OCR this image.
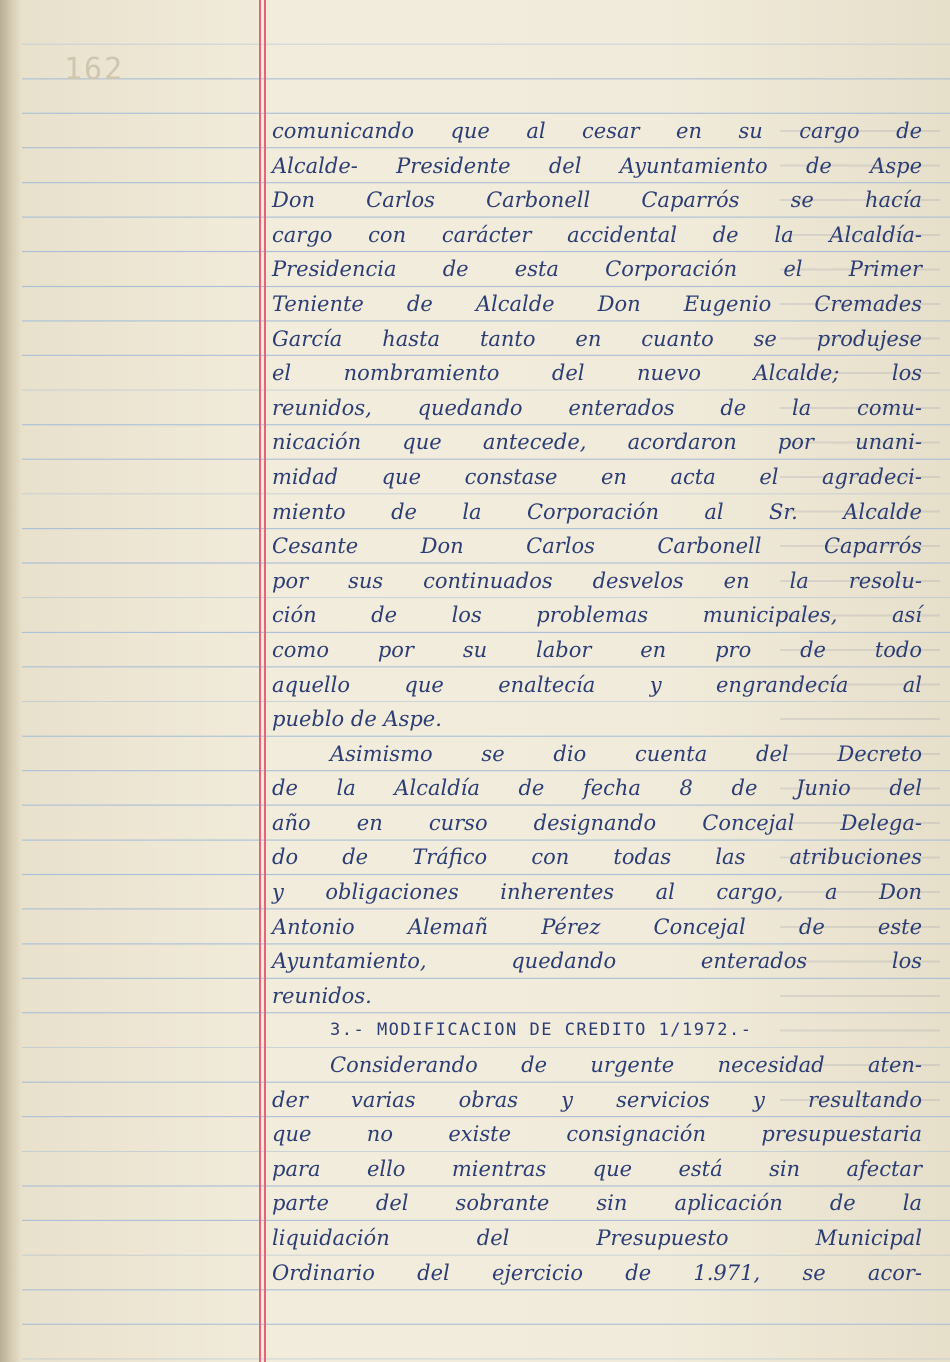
162
comunicando que al cesar en su cargo de
Alcalde- Presidente del Ayuntamiento de Aspe
Don Carlos Carbonell Caparrós se hacía
cargo con carácter accidental de la Alcaldía-
Presidencia de esta Corporación el Primer
Teniente de Alcalde Don Eugenio Cremades
García hasta tanto en cuanto se produjese
el nombramiento del nuevo Alcalde; los
reunidos, quedando enterados de la comu-
nicación que antecede, acordaron por unani-
midad que constase en acta el agradeci-
miento de la Corporación al Sr. Alcalde
Cesante Don Carlos Carbonell Caparrós
por sus continuados desvelos en la resolu-
ción de los problemas municipales, así
como por su labor en pro de todo
aquello que enaltecía y engrandecía al
pueblo de Aspe.
Asimismo se dio cuenta del Decreto
de la Alcaldía de fecha 8 de Junio del
año en curso designando Concejal Delega-
do de Tráfico con todas las atribuciones
y obligaciones inherentes al cargo, a Don
Antonio Alemañ Pérez Concejal de este
Ayuntamiento, quedando enterados los
reunidos.
3.- MODIFICACION DE CREDITO 1/1972.-
Considerando de urgente necesidad aten-
der varias obras y servicios y resultando
que no existe consignación presupuestaria
para ello mientras que está sin afectar
parte del sobrante sin aplicación de la
liquidación del Presupuesto Municipal
Ordinario del ejercicio de 1.971, se acor-
